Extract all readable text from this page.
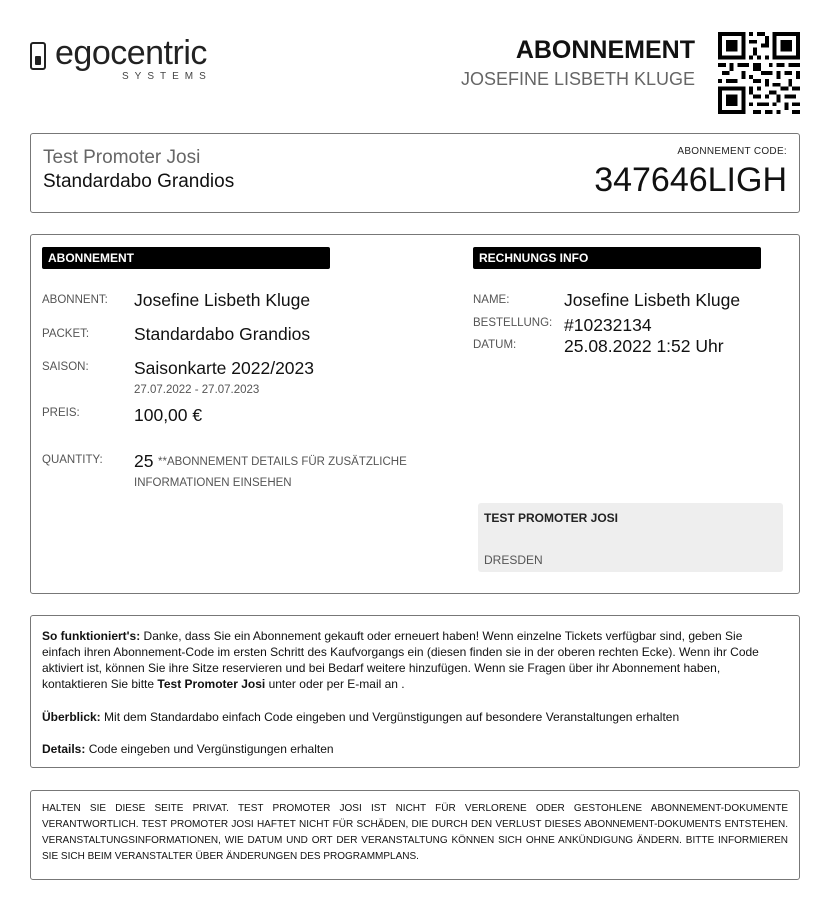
egocentric
SYSTEMS
ABONNEMENT
JOSEFINE LISBETH KLUGE
Test Promoter Josi
Standardabo Grandios
ABONNEMENT CODE:
347646LIGH
ABONNEMENT	RECHNUNGS INFO
ABONNENT: Josefine Lisbeth Kluge
PACKET:	Standardabo Grandios
SAISON:	Saisonkarte 2022/2023
27.07.2022 - 27.07.2023
PREIS:	100,00 €
QUANTITY: 25 **ABONNEMENT DETAILS FÜR ZUSÄTZLICHE
INFORMATIONEN EINSEHEN
NAME:	Josefine Lisbeth Kluge
BESTELLUNG: #10232134
DATUM:	25.08.2022 1:52 Uhr
TEST PROMOTER JOSI
DRESDEN
So funktioniert's: Danke, dass Sie ein Abonnement gekauft oder erneuert haben! Wenn einzelne Tickets verfügbar sind, geben Sie einfach ihren Abonnement-Code im ersten Schritt des Kaufvorgangs ein (diesen finden sie in der oberen rechten Ecke). Wenn ihr Code aktiviert ist, können Sie ihre Sitze reservieren und bei Bedarf weitere hinzufügen. Wenn sie Fragen über ihr Abonnement haben, kontaktieren Sie bitte Test Promoter Josi unter oder per E-mail an .
Überblick: Mit dem Standardabo einfach Code eingeben und Vergünstigungen auf besondere Veranstaltungen erhalten
Details: Code eingeben und Vergünstigungen erhalten
HALTEN SIE DIESE SEITE PRIVAT. TEST PROMOTER JOSI IST NICHT FÜR VERLORENE ODER GESTOHLENE ABONNEMENT-DOKUMENTE VERANTWORTLICH. TEST PROMOTER JOSI HAFTET NICHT FÜR SCHÄDEN, DIE DURCH DEN VERLUST DIESES ABONNEMENT-DOKUMENTS ENTSTEHEN. VERANSTALTUNGSINFORMATIONEN, WIE DATUM UND ORT DER VERANSTALTUNG KÖNNEN SICH OHNE ANKÜNDIGUNG ÄNDERN. BITTE INFORMIEREN SIE SICH BEIM VERANSTALTER ÜBER ÄNDERUNGEN DES PROGRAMMPLANS.
